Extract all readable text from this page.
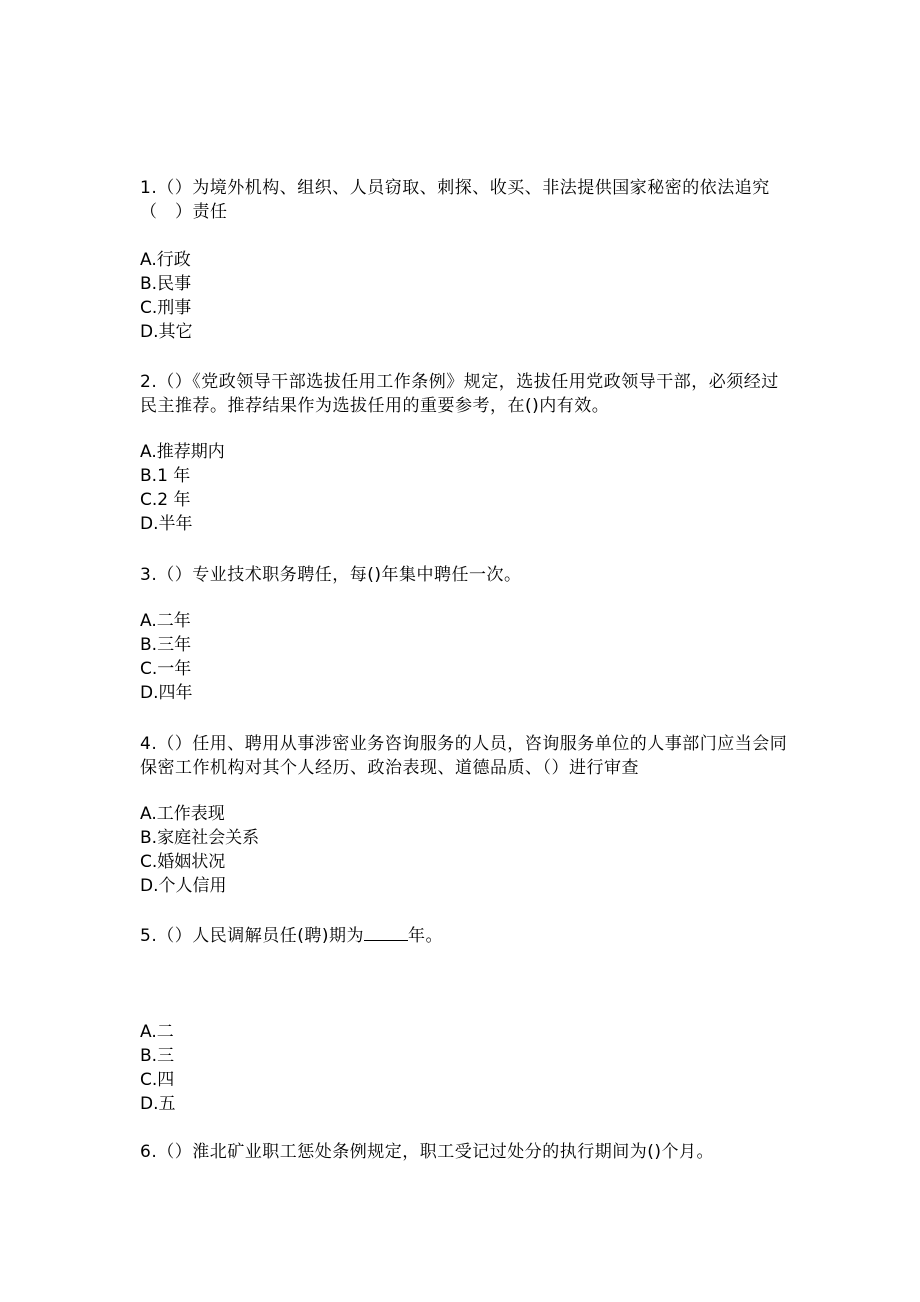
1.（）为境外机构、组织、人员窃取、刺探、收买、非法提供国家秘密的依法追究（　）责任

A.行政
B.民事
C.刑事
D.其它

2.（）《党政领导干部选拔任用工作条例》规定，选拔任用党政领导干部，必须经过民主推荐。推荐结果作为选拔任用的重要参考，在()内有效。

A.推荐期内
B.1 年
C.2 年
D.半年

3.（）专业技术职务聘任，每()年集中聘任一次。

A.二年
B.三年
C.一年
D.四年

4.（）任用、聘用从事涉密业务咨询服务的人员，咨询服务单位的人事部门应当会同保密工作机构对其个人经历、政治表现、道德品质、（）进行审查

A.工作表现
B.家庭社会关系
C.婚姻状况
D.个人信用

5.（）人民调解员任(聘)期为	年。

A.二
B.三
C.四
D.五

6.（）淮北矿业职工惩处条例规定，职工受记过处分的执行期间为()个月。
